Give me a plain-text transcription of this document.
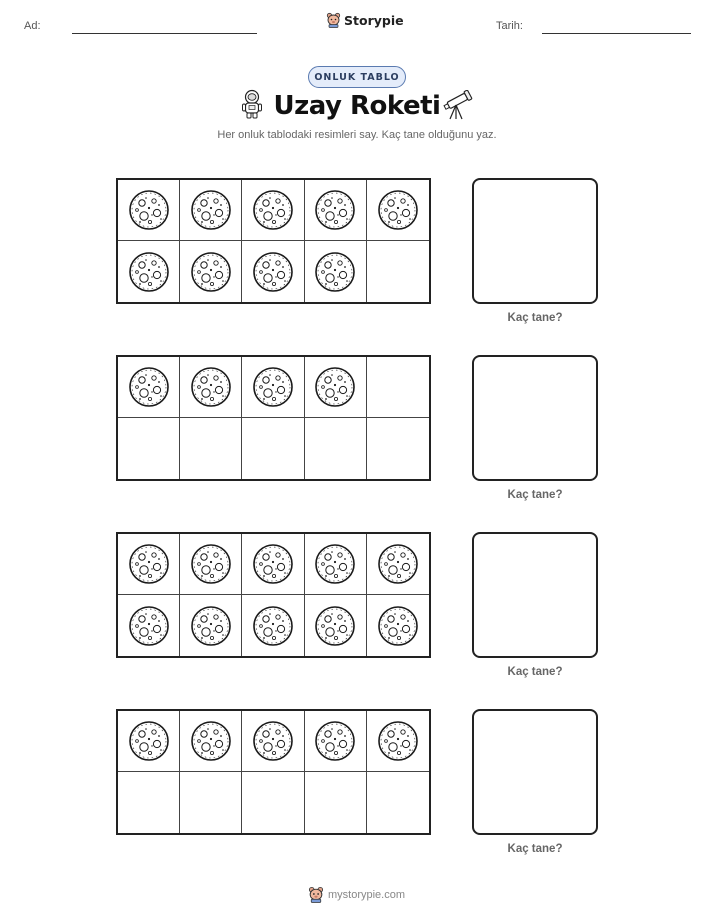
Ad:	Storypie	Tarih:
ONLUK TABLO
Uzay Roketi
Her onluk tablodaki resimleri say. Kaç tane olduğunu yaz.
Kaç tane?
Kaç tane?
Kaç tane?
Kaç tane?
mystorypie.com
